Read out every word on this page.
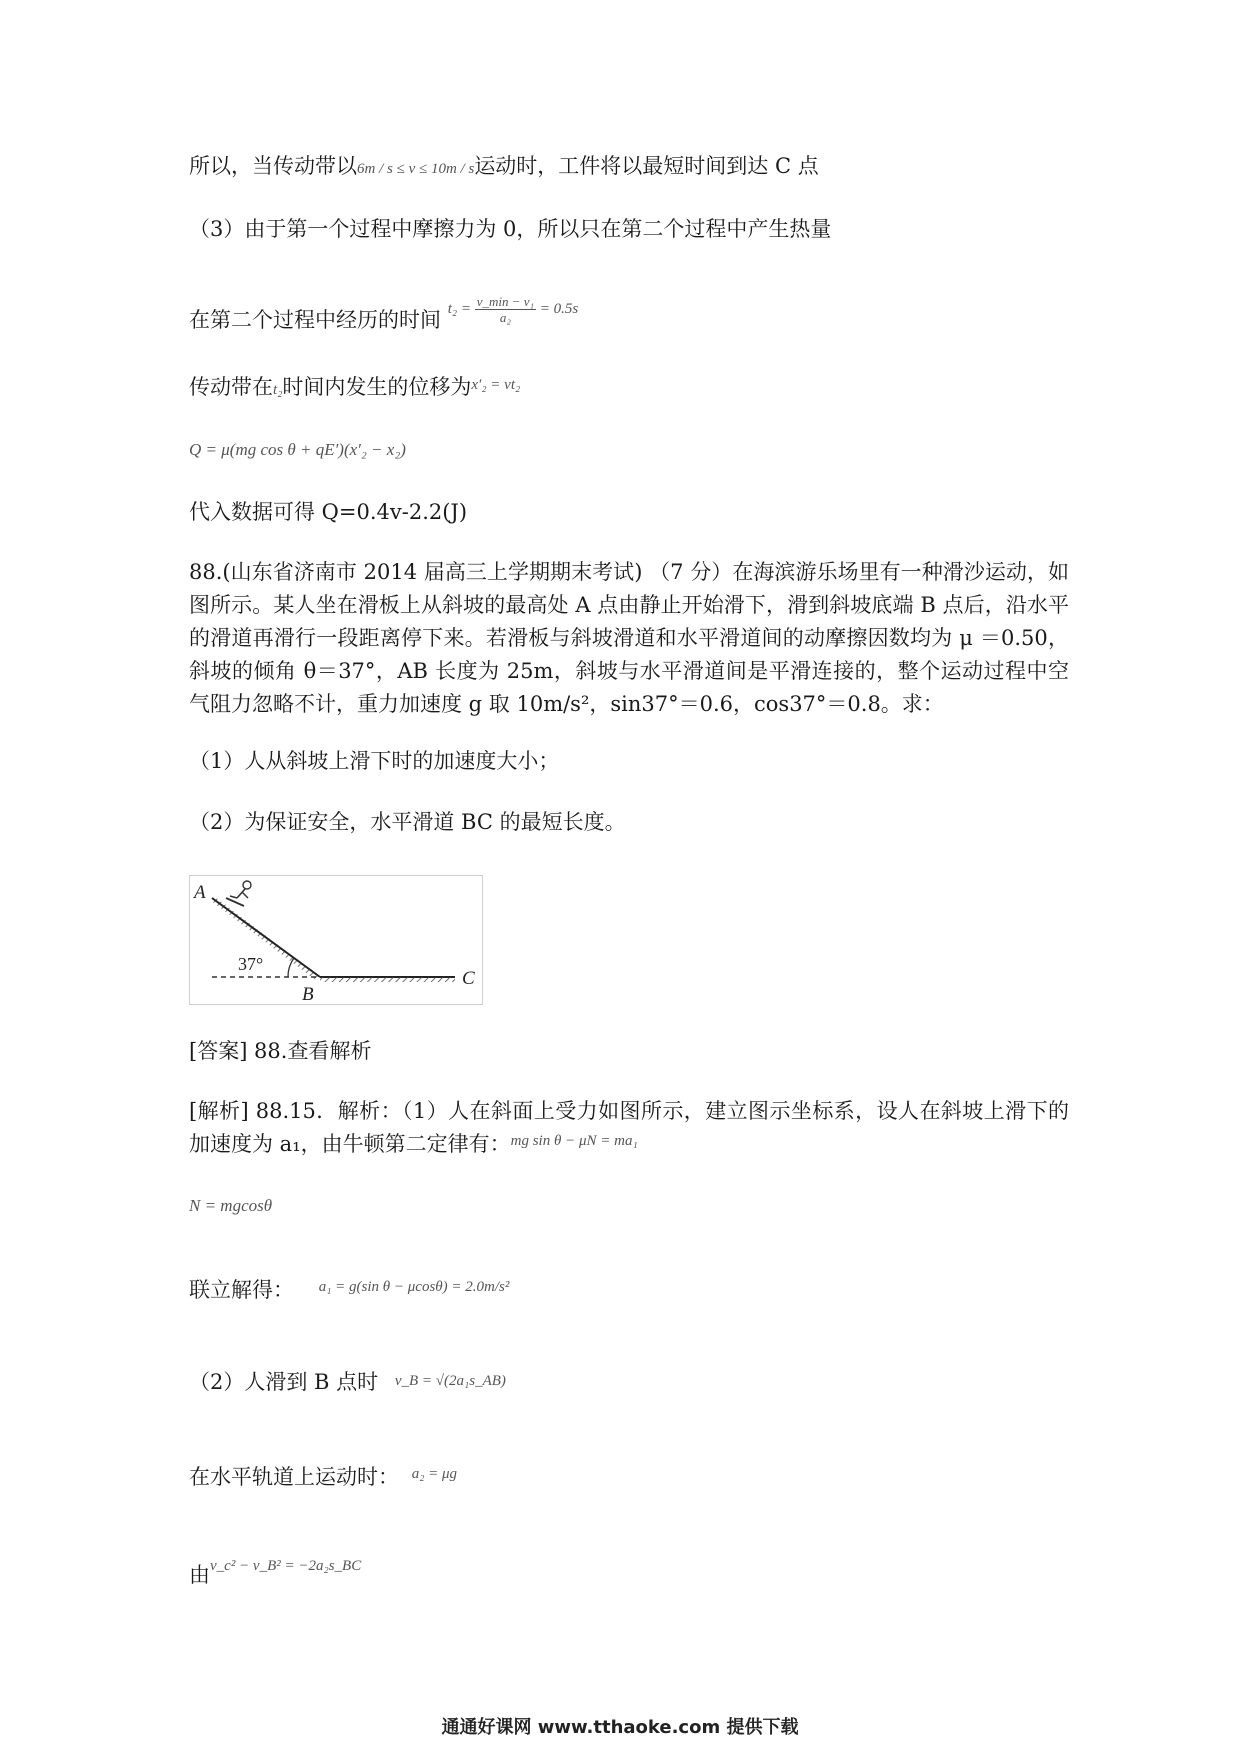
所以，当传动带以6m / s ≤ v ≤ 10m / s运动时，工件将以最短时间到达 C 点
（3）由于第一个过程中摩擦力为 0，所以只在第二个过程中产生热量
在第二个过程中经历的时间 $^{t_2 = \frac{\text{v\_min − v₁}}{\text{a₂}} = 0.5s}$
传动带在t₂时间内发生的位移为$^{x'_2 = vt_2}$
Q = μ(mg cos θ + qE′)(x′₂ − x₂)
代入数据可得 Q=0.4v-2.2(J)
88.(山东省济南市 2014 届高三上学期期末考试) （7 分）在海滨游乐场里有一种滑沙运动，如图所示。某人坐在滑板上从斜坡的最高处 A 点由静止开始滑下，滑到斜坡底端 B 点后，沿水平的滑道再滑行一段距离停下来。若滑板与斜坡滑道和水平滑道间的动摩擦因数均为 μ ＝0.50，斜坡的倾角 θ＝37°，AB 长度为 25m，斜坡与水平滑道间是平滑连接的，整个运动过程中空气阻力忽略不计，重力加速度 g 取 10m/s²，sin37°＝0.6，cos37°＝0.8。求：
（1）人从斜坡上滑下时的加速度大小；
（2）为保证安全，水平滑道 BC 的最短长度。
A
B
C
37°
[答案] 88.查看解析
[解析] 88.15．解析：（1）人在斜面上受力如图所示，建立图示坐标系，设人在斜坡上滑下的加速度为 a₁，由牛顿第二定律有：$^{mg sin \theta - \mu N = ma_1}$
N = mgcosθ
联立解得： $^{a_1 = g(sin \theta - \mu cos\theta) = 2.0m/s^2}$
（2）人滑到 B 点时 v_B = √(2a₁s_AB)
在水平轨道上运动时： $^{a_2 = \mu g}$
由$^{v\_c^2 - v\_B^2 = -2a_2s\_BC}$
通通好课网 www.tthaoke.com 提供下载
